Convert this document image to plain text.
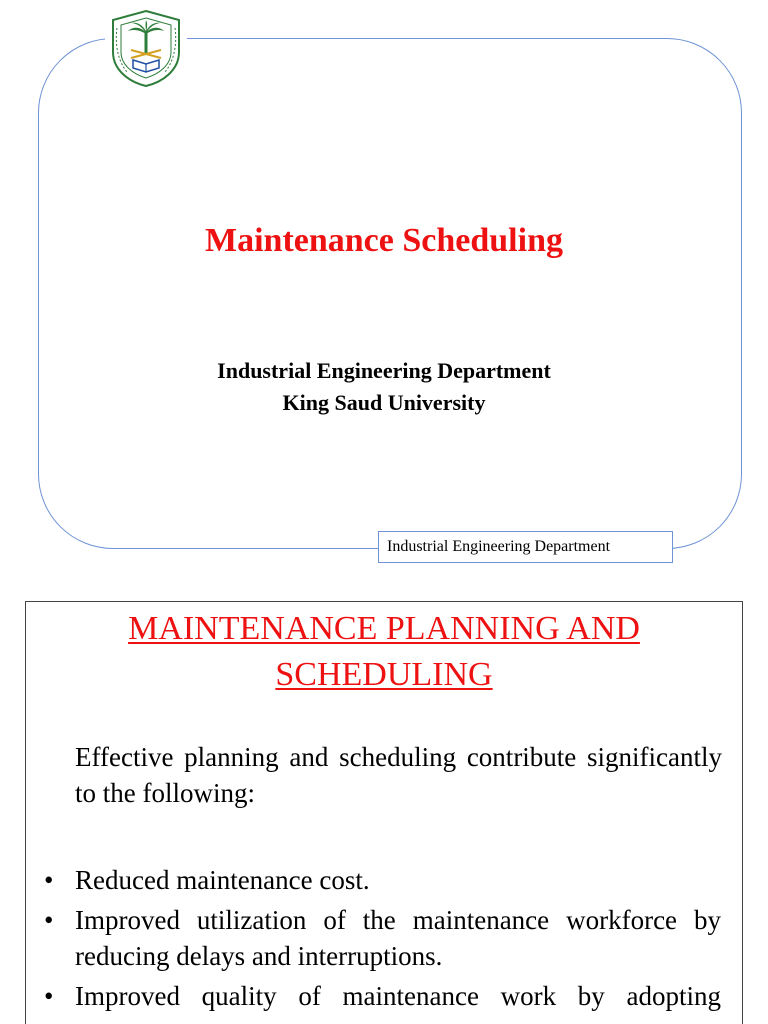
Maintenance Scheduling

Industrial Engineering Department

King Saud University

Industrial Engineering Department
MAINTENANCE PLANNING AND
SCHEDULING

Effective planning and scheduling contribute significantly to the following:

• Reduced maintenance cost.
• Improved utilization of the maintenance workforce by reducing delays and interruptions.
• Improved quality of maintenance work by adopting
